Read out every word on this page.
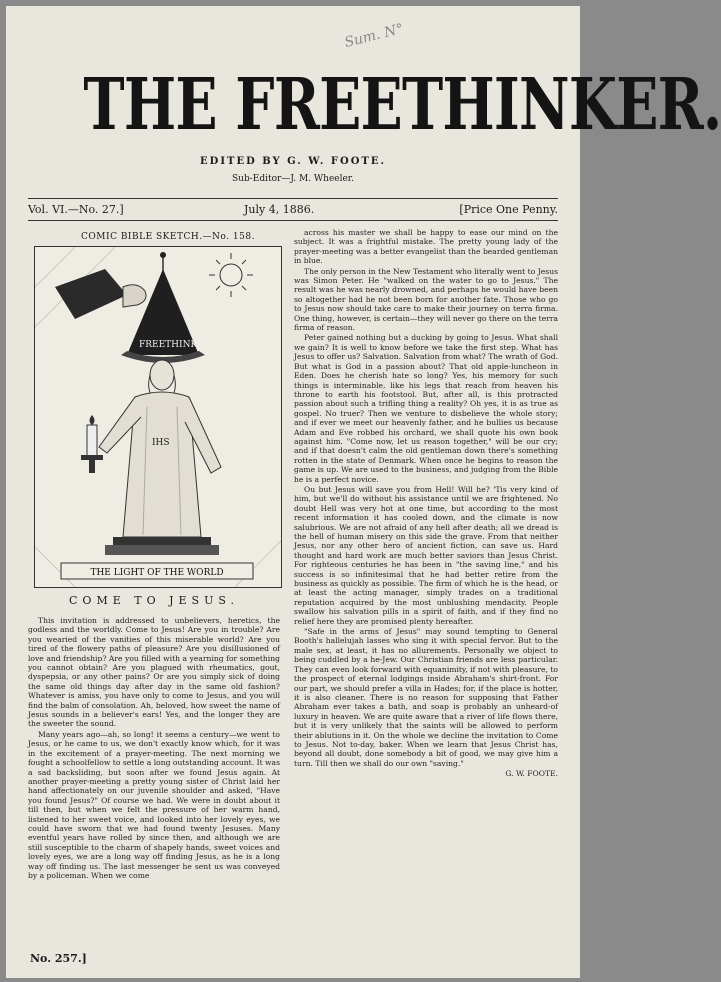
Sum. N°
THE FREETHINKER.
EDITED BY G. W. FOOTE.
Sub-Editor—J. M. Wheeler.
Vol. VI.—No. 27.]	July 4, 1886.	[Price One Penny.
COMIC BIBLE SKETCH.—No. 158.
FREETHINKER
IHS
THE LIGHT OF THE WORLD
COME TO JESUS.

This invitation is addressed to unbelievers, heretics, the godless and the worldly. Come to Jesus! Are you in trouble? Are you wearied of the vanities of this miserable world? Are you tired of the flowery paths of pleasure? Are you disillusioned of love and friendship? Are you filled with a yearning for something you cannot obtain? Are you plagued with rheumatics, gout, dyspepsia, or any other pains? Or are you simply sick of doing the same old things day after day in the same old fashion? Whatever is amiss, you have only to come to Jesus, and you will find the balm of consolation. Ah, beloved, how sweet the name of Jesus sounds in a believer's ears! Yes, and the longer they are the sweeter the sound.

Many years ago—ah, so long! it seems a century—we went to Jesus, or he came to us, we don't exactly know which, for it was in the excitement of a prayer-meeting. The next morning we fought a schoolfellow to settle a long outstanding account. It was a sad backsliding, but soon after we found Jesus again. At another prayer-meeting a pretty young sister of Christ laid her hand affectionately on our juvenile shoulder and asked, "Have you found Jesus?" Of course we had. We were in doubt about it till then, but when we felt the pressure of her warm hand, listened to her sweet voice, and looked into her lovely eyes, we could have sworn that we had found twenty Jesuses. Many eventful years have rolled by since then, and although we are still susceptible to the charm of shapely hands, sweet voices and lovely eyes, we are a long way off finding Jesus, as he is a long way off finding us. The last messenger he sent us was conveyed by a policeman. When we come

across his master we shall be happy to ease our mind on the subject. It was a frightful mistake. The pretty young lady of the prayer-meeting was a better evangelist than the bearded gentleman in blue.

The only person in the New Testament who literally went to Jesus was Simon Peter. He "walked on the water to go to Jesus." The result was he was nearly drowned, and perhaps he would have been so altogether had he not been born for another fate. Those who go to Jesus now should take care to make their journey on terra firma. One thing, however, is certain—they will never go there on the terra firma of reason.

Peter gained nothing but a ducking by going to Jesus. What shall we gain? It is well to know before we take the first step. What has Jesus to offer us? Salvation. Salvation from what? The wrath of God. But what is God in a passion about? That old apple-luncheon in Eden. Does he cherish hate so long? Yes, his memory for such things is interminable, like his legs that reach from heaven his throne to earth his footstool. But, after all, is this protracted passion about such a trifling thing a reality? Oh yes, it is as true as gospel. No truer? Then we venture to disbelieve the whole story; and if ever we meet our heavenly father, and he bullies us because Adam and Eve robbed his orchard, we shall quote his own book against him. "Come now, let us reason together," will be our cry; and if that doesn't calm the old gentleman down there's something rotten in the state of Denmark. When once he begins to reason the game is up. We are used to the business, and judging from the Bible he is a perfect novice.

Ou but Jesus will save you from Hell! Will he? 'Tis very kind of him, but we'll do without his assistance until we are frightened. No doubt Hell was very hot at one time, but according to the most recent information it has cooled down, and the climate is now salubrious. We are not afraid of any hell after death; all we dread is the hell of human misery on this side the grave. From that neither Jesus, nor any other hero of ancient fiction, can save us. Hard thought and hard work are much better saviors than Jesus Christ. For righteous centuries he has been in "the saving line," and his success is so infinitesimal that he had better retire from the business as quickly as possible. The firm of which he is the head, or at least the acting manager, simply trades on a traditional reputation acquired by the most unblushing mendacity. People swallow his salvation pills in a spirit of faith, and if they find no relief here they are promised plenty hereafter.

"Safe in the arms of Jesus" may sound tempting to General Booth's hallelujah lasses who sing it with special fervor. But to the male sex, at least, it has no allurements. Personally we object to being cuddled by a he-Jew. Our Christian friends are less particular. They can even look forward with equanimity, if not with pleasure, to the prospect of eternal lodgings inside Abraham's shirt-front. For our part, we should prefer a villa in Hades; for, if the place is hotter, it is also cleaner. There is no reason for supposing that Father Abraham ever takes a bath, and soap is probably an unheard-of luxury in heaven. We are quite aware that a river of life flows there, but it is very unlikely that the saints will be allowed to perform their ablutions in it. On the whole we decline the invitation to Come to Jesus. Not to-day, baker. When we learn that Jesus Christ has, beyond all doubt, done somebody a bit of good, we may give him a turn. Till then we shall do our own "saving."

G. W. FOOTE.

No. 257.]
